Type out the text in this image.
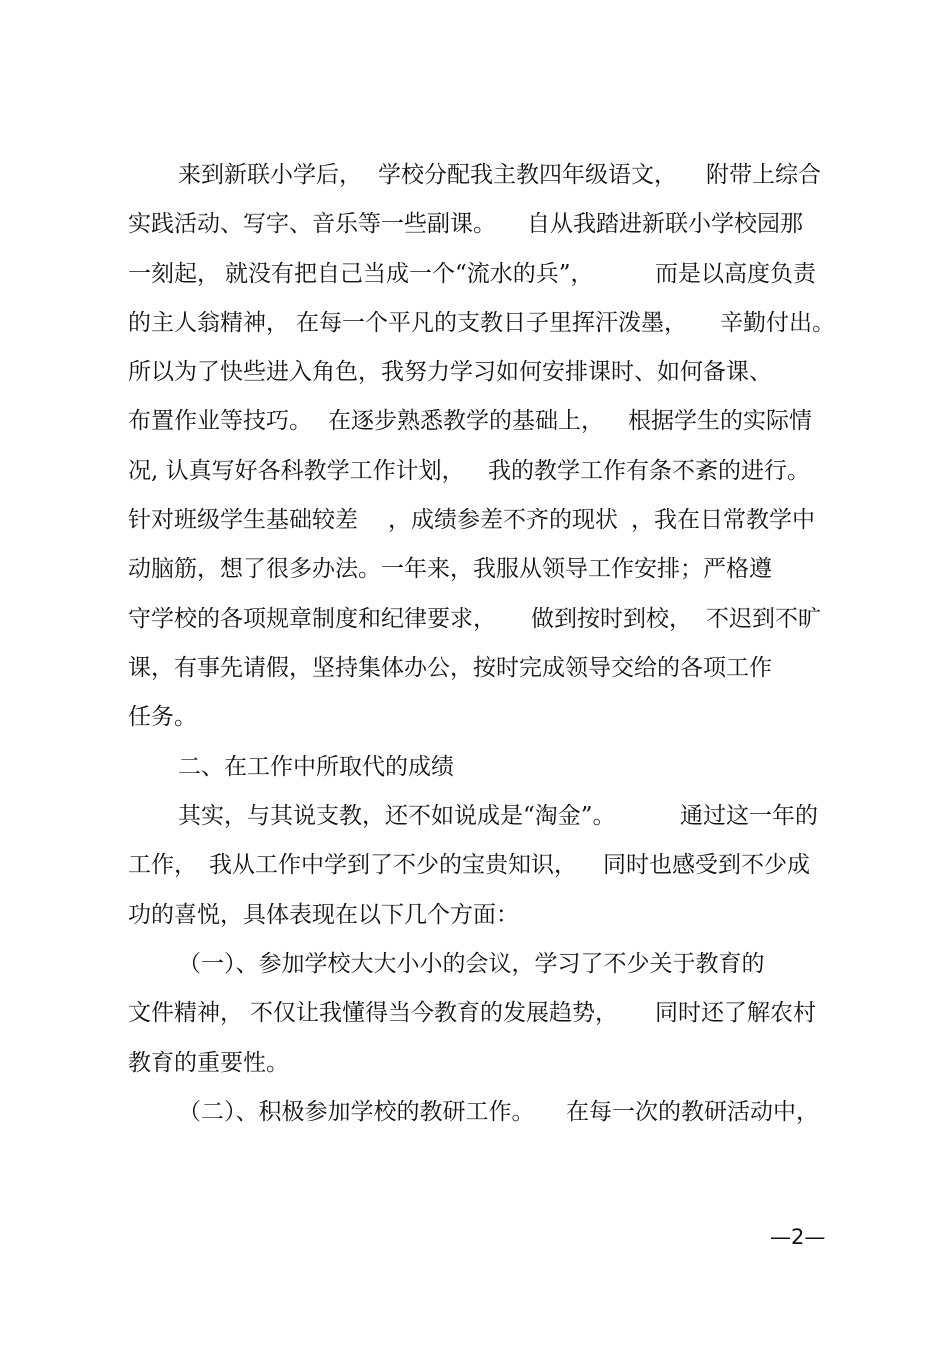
—2—
来到新联小学后， 学校分配我主教四年级语文， 附带上综合
实践活动、写字、音乐等一些副课。 自从我踏进新联小学校园那
一刻起， 就没有把自己当成一个“流水的兵”，	而是以高度负责
的主人翁精神， 在每一个平凡的支教日子里挥汗泼墨， 辛勤付出。
所以为了快些进入角色，我努力学习如何安排课时、如何备课、
布置作业等技巧。 在逐步熟悉教学的基础上， 根据学生的实际情
况, 认真写好各科教学工作计划， 我的教学工作有条不紊的进行。
针对班级学生基础较差 ，成绩参差不齐的现状 ，我在日常教学中
动脑筋，想了很多办法。一年来，我服从领导工作安排；严格遵
守学校的各项规章制度和纪律要求， 做到按时到校， 不迟到不旷
课，有事先请假，坚持集体办公，按时完成领导交给的各项工作
任务。
二、在工作中所取代的成绩
其实，与其说支教，还不如说成是“淘金”。	通过这一年的
工作， 我从工作中学到了不少的宝贵知识， 同时也感受到不少成
功的喜悦，具体表现在以下几个方面：
（一）、参加学校大大小小的会议，学习了不少关于教育的
文件精神， 不仅让我懂得当今教育的发展趋势， 同时还了解农村
教育的重要性。
（二）、积极参加学校的教研工作。 在每一次的教研活动中，
